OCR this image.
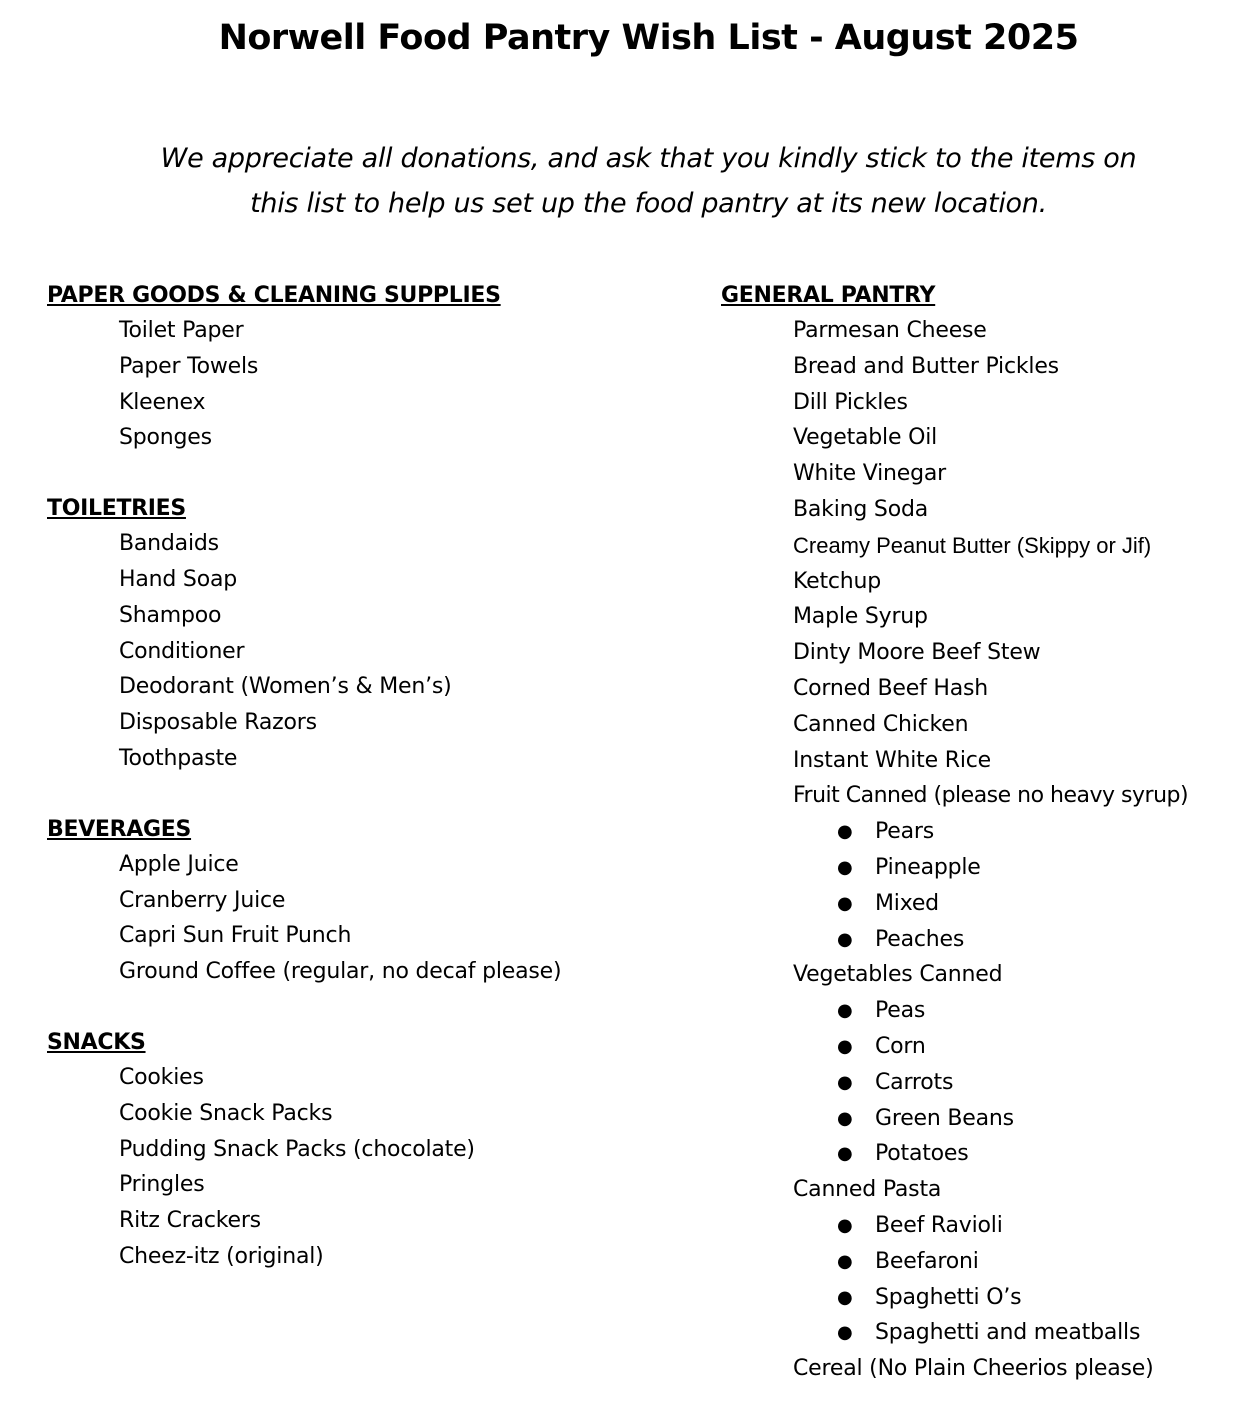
Norwell Food Pantry Wish List - August 2025
We appreciate all donations, and ask that you kindly stick to the items on
this list to help us set up the food pantry at its new location.
PAPER GOODS & CLEANING SUPPLIES
Toilet Paper
Paper Towels
Kleenex
Sponges
TOILETRIES
Bandaids
Hand Soap
Shampoo
Conditioner
Deodorant (Women’s & Men’s)
Disposable Razors
Toothpaste
BEVERAGES
Apple Juice
Cranberry Juice
Capri Sun Fruit Punch
Ground Coffee (regular, no decaf please)
SNACKS
Cookies
Cookie Snack Packs
Pudding Snack Packs (chocolate)
Pringles
Ritz Crackers
Cheez-itz (original)
GENERAL PANTRY
Parmesan Cheese
Bread and Butter Pickles
Dill Pickles
Vegetable Oil
White Vinegar
Baking Soda
Creamy Peanut Butter (Skippy or Jif)
Ketchup
Maple Syrup
Dinty Moore Beef Stew
Corned Beef Hash
Canned Chicken
Instant White Rice
Fruit Canned (please no heavy syrup)
● Pears
● Pineapple
● Mixed
● Peaches
Vegetables Canned
● Peas
● Corn
● Carrots
● Green Beans
● Potatoes
Canned Pasta
● Beef Ravioli
● Beefaroni
● Spaghetti O’s
● Spaghetti and meatballs
Cereal (No Plain Cheerios please)
